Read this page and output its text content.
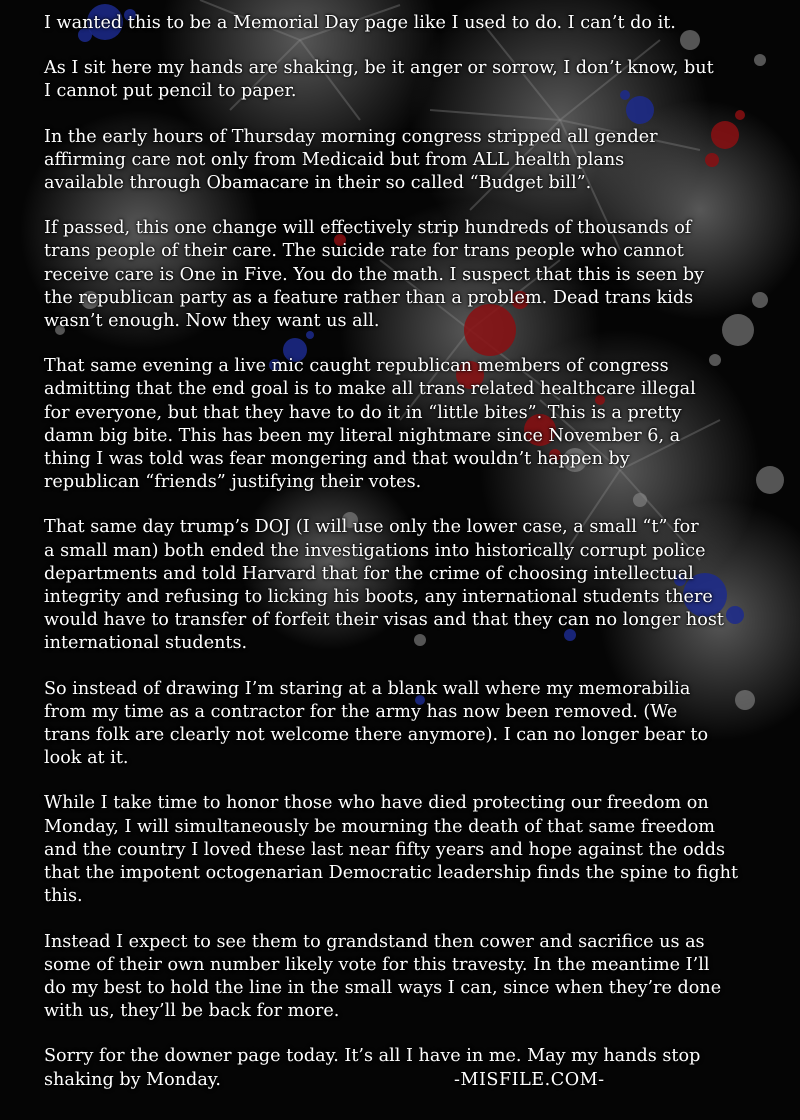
I wanted this to be a Memorial Day page like I used to do. I can’t do it.
As I sit here my hands are shaking, be it anger or sorrow, I don’t know, but
I cannot put pencil to paper.
In the early hours of Thursday morning congress stripped all gender
affirming care not only from Medicaid but from ALL health plans
available through Obamacare in their so called “Budget bill”.
If passed, this one change will effectively strip hundreds of thousands of
trans people of their care. The suicide rate for trans people who cannot
receive care is One in Five. You do the math. I suspect that this is seen by
the republican party as a feature rather than a problem. Dead trans kids
wasn’t enough. Now they want us all.
That same evening a live mic caught republican members of congress
admitting that the end goal is to make all trans related healthcare illegal
for everyone, but that they have to do it in “little bites”. This is a pretty
damn big bite. This has been my literal nightmare since November 6, a
thing I was told was fear mongering and that wouldn’t happen by
republican “friends” justifying their votes.
That same day trump’s DOJ (I will use only the lower case, a small “t” for
a small man) both ended the investigations into historically corrupt police
departments and told Harvard that for the crime of choosing intellectual
integrity and refusing to licking his boots, any international students there
would have to transfer of forfeit their visas and that they can no longer host
international students.
So instead of drawing I’m staring at a blank wall where my memorabilia
from my time as a contractor for the army has now been removed. (We
trans folk are clearly not welcome there anymore). I can no longer bear to
look at it.
While I take time to honor those who have died protecting our freedom on
Monday, I will simultaneously be mourning the death of that same freedom
and the country I loved these last near fifty years and hope against the odds
that the impotent octogenarian Democratic leadership finds the spine to fight
this.
Instead I expect to see them to grandstand then cower and sacrifice us as
some of their own number likely vote for this travesty. In the meantime I’ll
do my best to hold the line in the small ways I can, since when they’re done
with us, they’ll be back for more.
Sorry for the downer page today. It’s all I have in me. May my hands stop
shaking by Monday.	-MISFILE.COM-
